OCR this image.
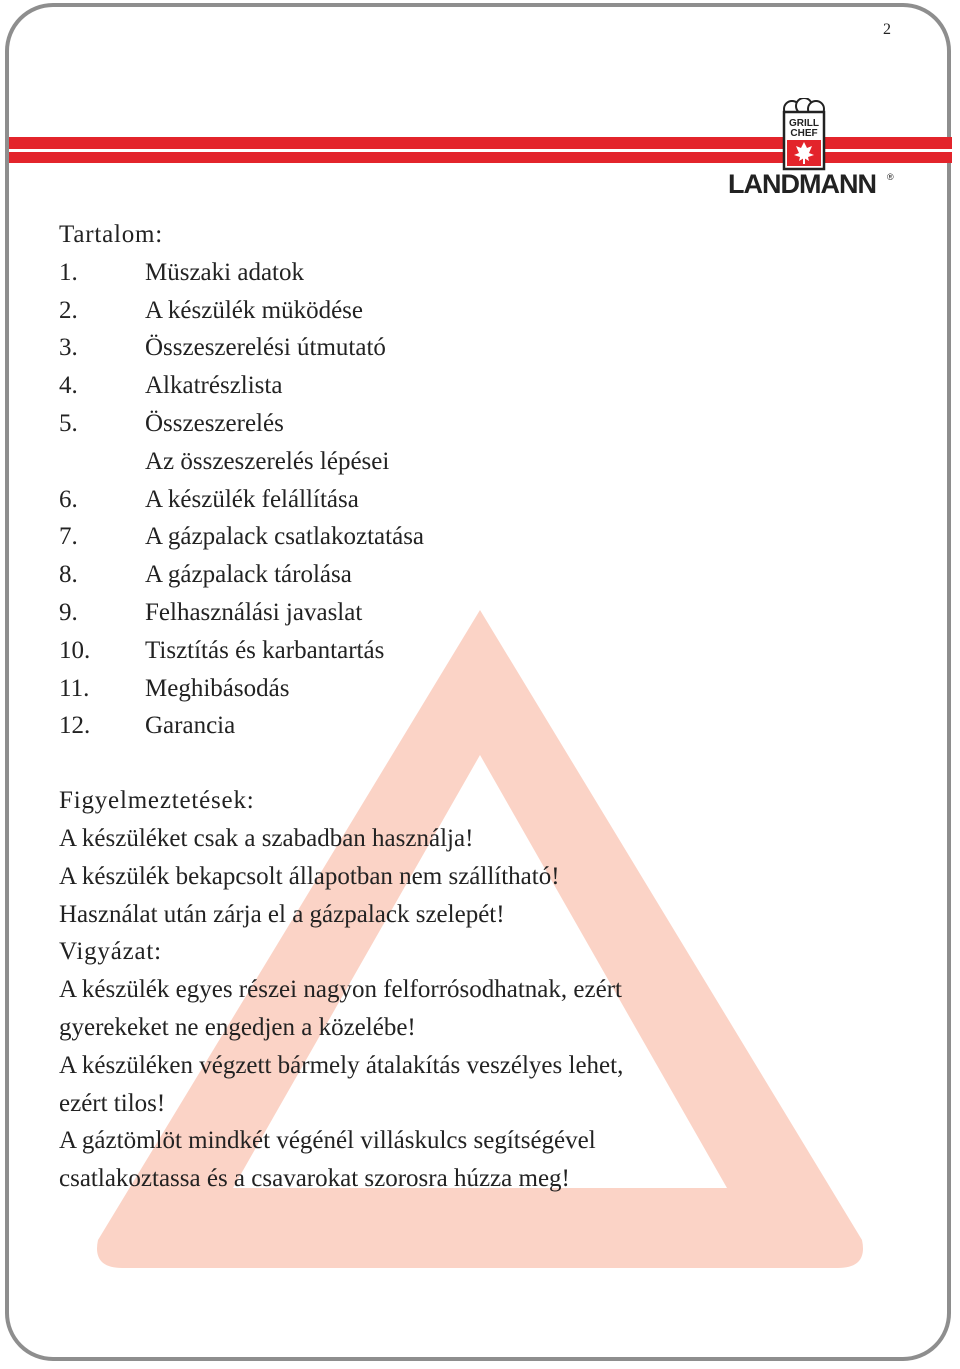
2
GRILL
CHEF
LANDMANN ®
Tartalom:
1.	Müszaki adatok
2.	A készülék müködése
3.	Összeszerelési útmutató
4.	Alkatrészlista
5.	Összeszerelés
Az összeszerelés lépései
6.	A készülék felállítása
7.	A gázpalack csatlakoztatása
8.	A gázpalack tárolása
9.	Felhasználási javaslat
10.	Tisztítás és karbantartás
11.	Meghibásodás
12.	Garancia
Figyelmeztetések:
A készüléket csak a szabadban használja!
A készülék bekapcsolt állapotban nem szállítható!
Használat után zárja el a gázpalack szelepét!
Vigyázat:
A készülék egyes részei nagyon felforrósodhatnak, ezért
gyerekeket ne engedjen a közelébe!
A készüléken végzett bármely átalakítás veszélyes lehet,
ezért tilos!
A gáztömlöt mindkét végénél villáskulcs segítségével
csatlakoztassa és a csavarokat szorosra húzza meg!
